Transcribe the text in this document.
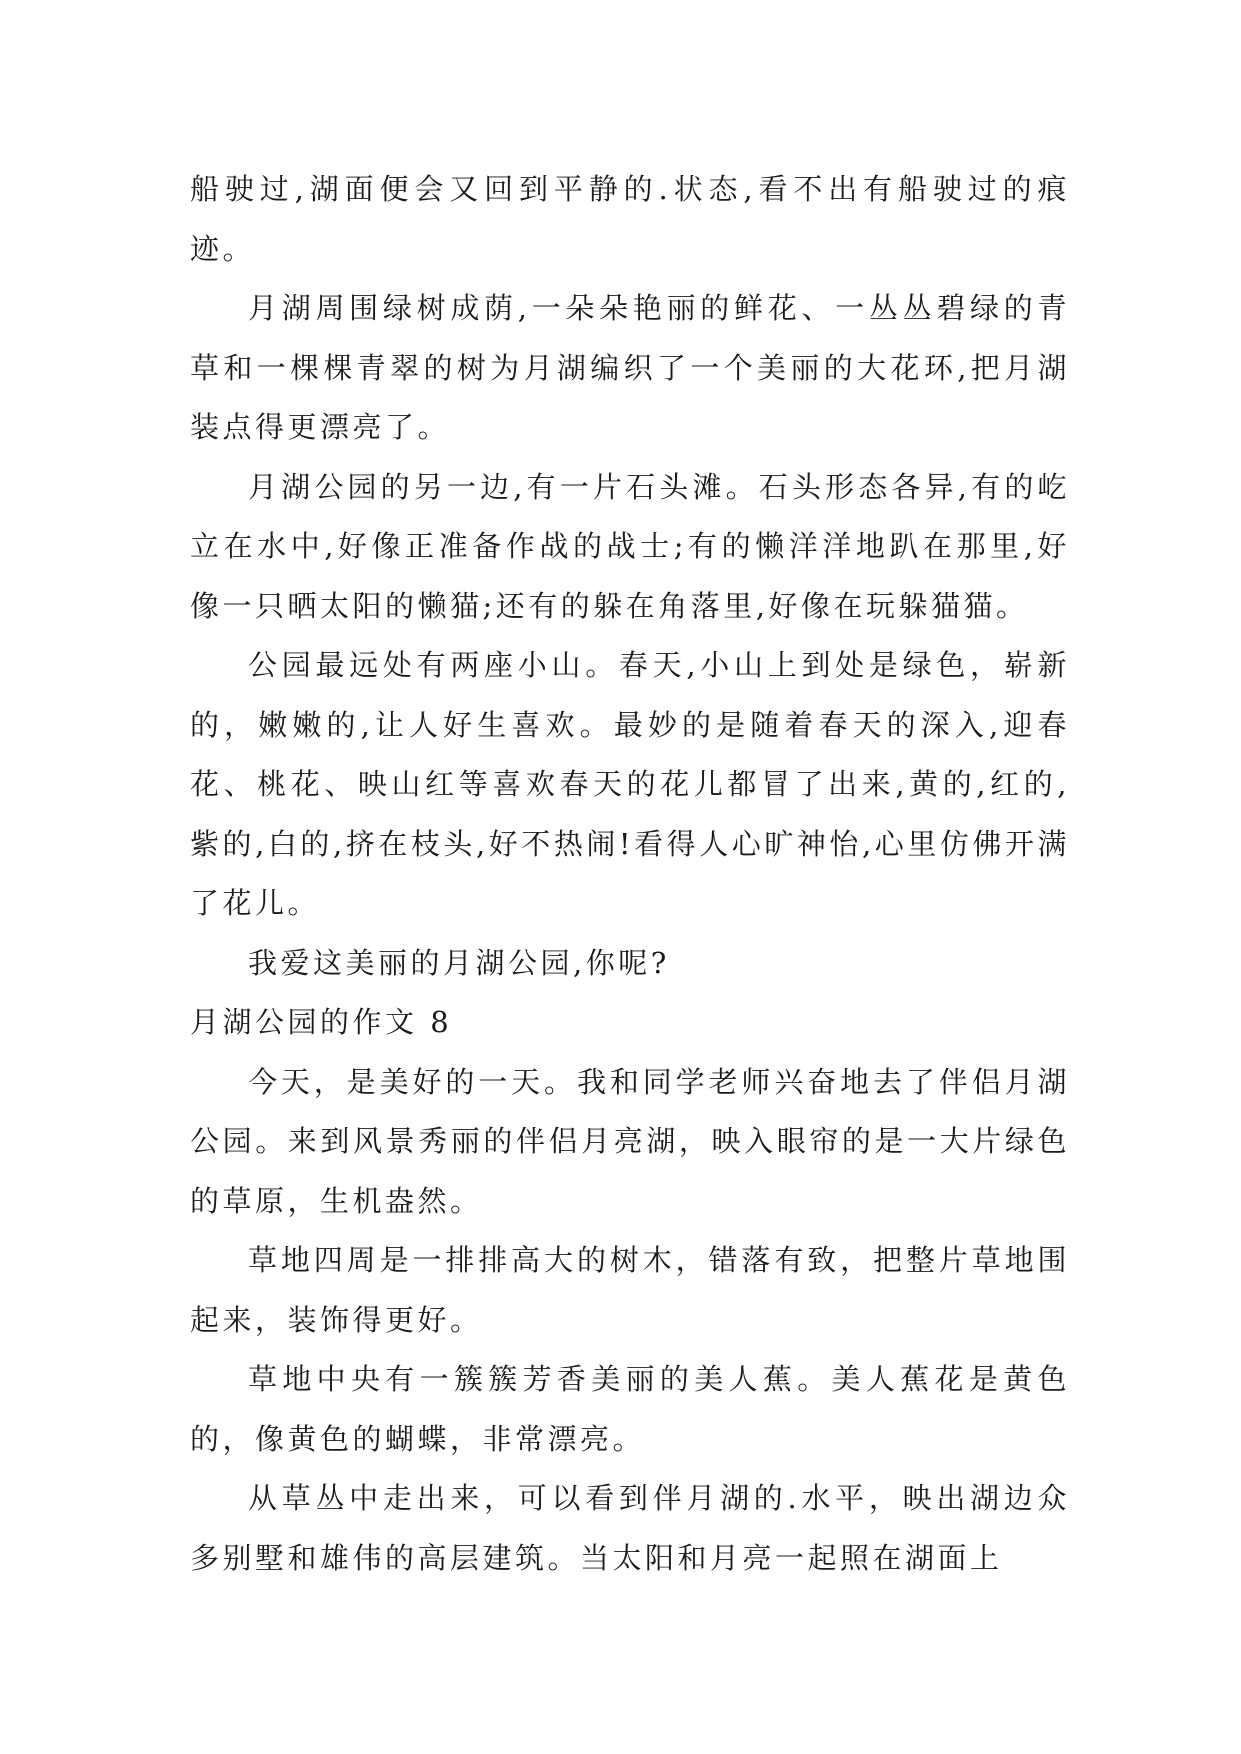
船驶过,湖面便会又回到平静的.状态,看不出有船驶过的痕迹。

月湖周围绿树成荫,一朵朵艳丽的鲜花、一丛丛碧绿的青草和一棵棵青翠的树为月湖编织了一个美丽的大花环,把月湖装点得更漂亮了。

月湖公园的另一边,有一片石头滩。石头形态各异,有的屹立在水中,好像正准备作战的战士;有的懒洋洋地趴在那里,好像一只晒太阳的懒猫;还有的躲在角落里,好像在玩躲猫猫。

公园最远处有两座小山。春天,小山上到处是绿色，崭新的，嫩嫩的,让人好生喜欢。最妙的是随着春天的深入,迎春花、桃花、映山红等喜欢春天的花儿都冒了出来,黄的,红的,紫的,白的,挤在枝头,好不热闹!看得人心旷神怡,心里仿佛开满了花儿。

我爱这美丽的月湖公园,你呢?

月湖公园的作文 8

今天，是美好的一天。我和同学老师兴奋地去了伴侣月湖公园。来到风景秀丽的伴侣月亮湖，映入眼帘的是一大片绿色的草原，生机盎然。

草地四周是一排排高大的树木，错落有致，把整片草地围起来，装饰得更好。

草地中央有一簇簇芳香美丽的美人蕉。美人蕉花是黄色的，像黄色的蝴蝶，非常漂亮。

从草丛中走出来，可以看到伴月湖的.水平，映出湖边众多别墅和雄伟的高层建筑。当太阳和月亮一起照在湖面上
